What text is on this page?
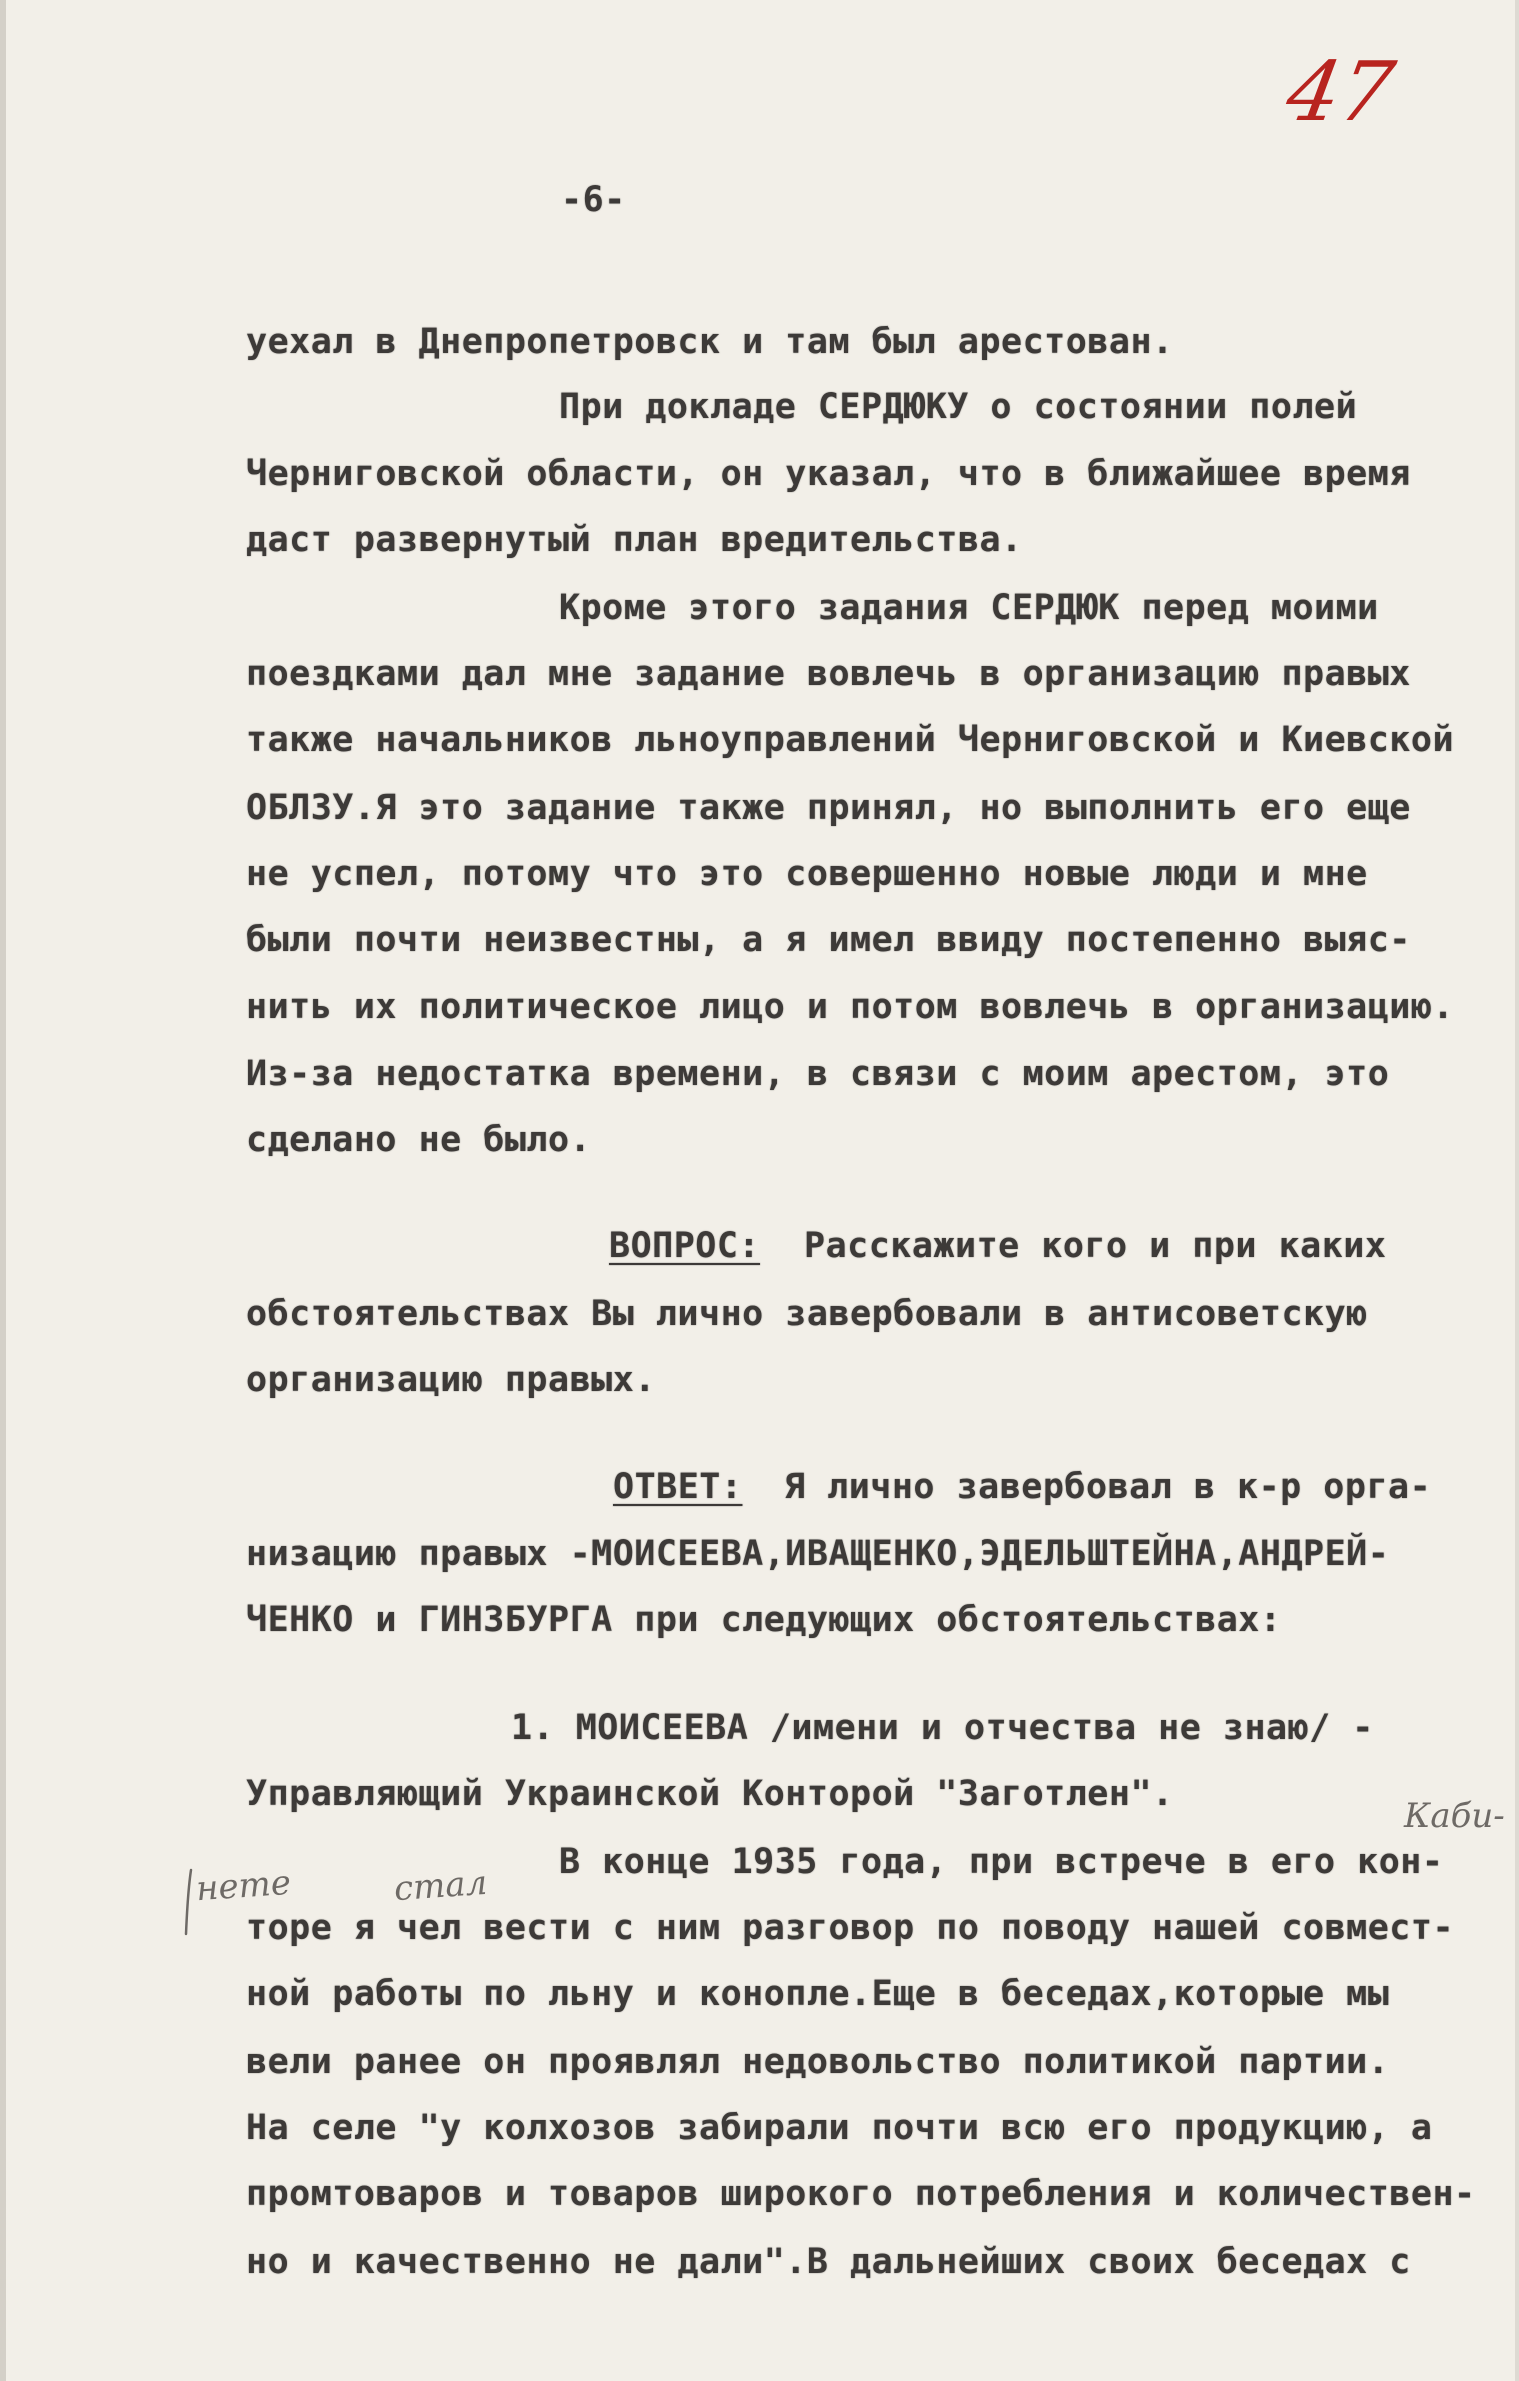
47
-6-
уехал в Днепропетровск и там был арестован.
При докладе СЕРДЮКУ о состоянии полей
Черниговской области, он указал, что в ближайшее время
даст развернутый план вредительства.
Кроме этого задания СЕРДЮК перед моими
поездками дал мне задание вовлечь в организацию правых
также начальников льноуправлений Черниговской и Киевской
ОБЛЗУ.Я это задание также принял, но выполнить его еще
не успел, потому что это совершенно новые люди и мне
были почти неизвестны, а я имел ввиду постепенно выяс-
нить их политическое лицо и потом вовлечь в организацию.
Из-за недостатка времени, в связи с моим арестом, это
сделано не было.
ВОПРОС: Расскажите кого и при каких
обстоятельствах Вы лично завербовали в антисоветскую
организацию правых.
ОТВЕТ: Я лично завербовал в к-р орга-
низацию правых -МОИСЕЕВА,ИВАЩЕНКО,ЭДЕЛЬШТЕЙНА,АНДРЕЙ-
ЧЕНКО и ГИНЗБУРГА при следующих обстоятельствах:
1. МОИСЕЕВА /имени и отчества не знаю/ -
Управляющий Украинской Конторой "Заготлен".
В конце 1935 года, при встрече в его кон-
торе я чел вести с ним разговор по поводу нашей совмест-
ной работы по льну и конопле.Еще в беседах,которые мы
вели ранее он проявлял недовольство политикой партии.
На селе "у колхозов забирали почти всю его продукцию, а
промтоваров и товаров широкого потребления и количествен-
но и качественно не дали".В дальнейших своих беседах с
Каби-
нете	стал
